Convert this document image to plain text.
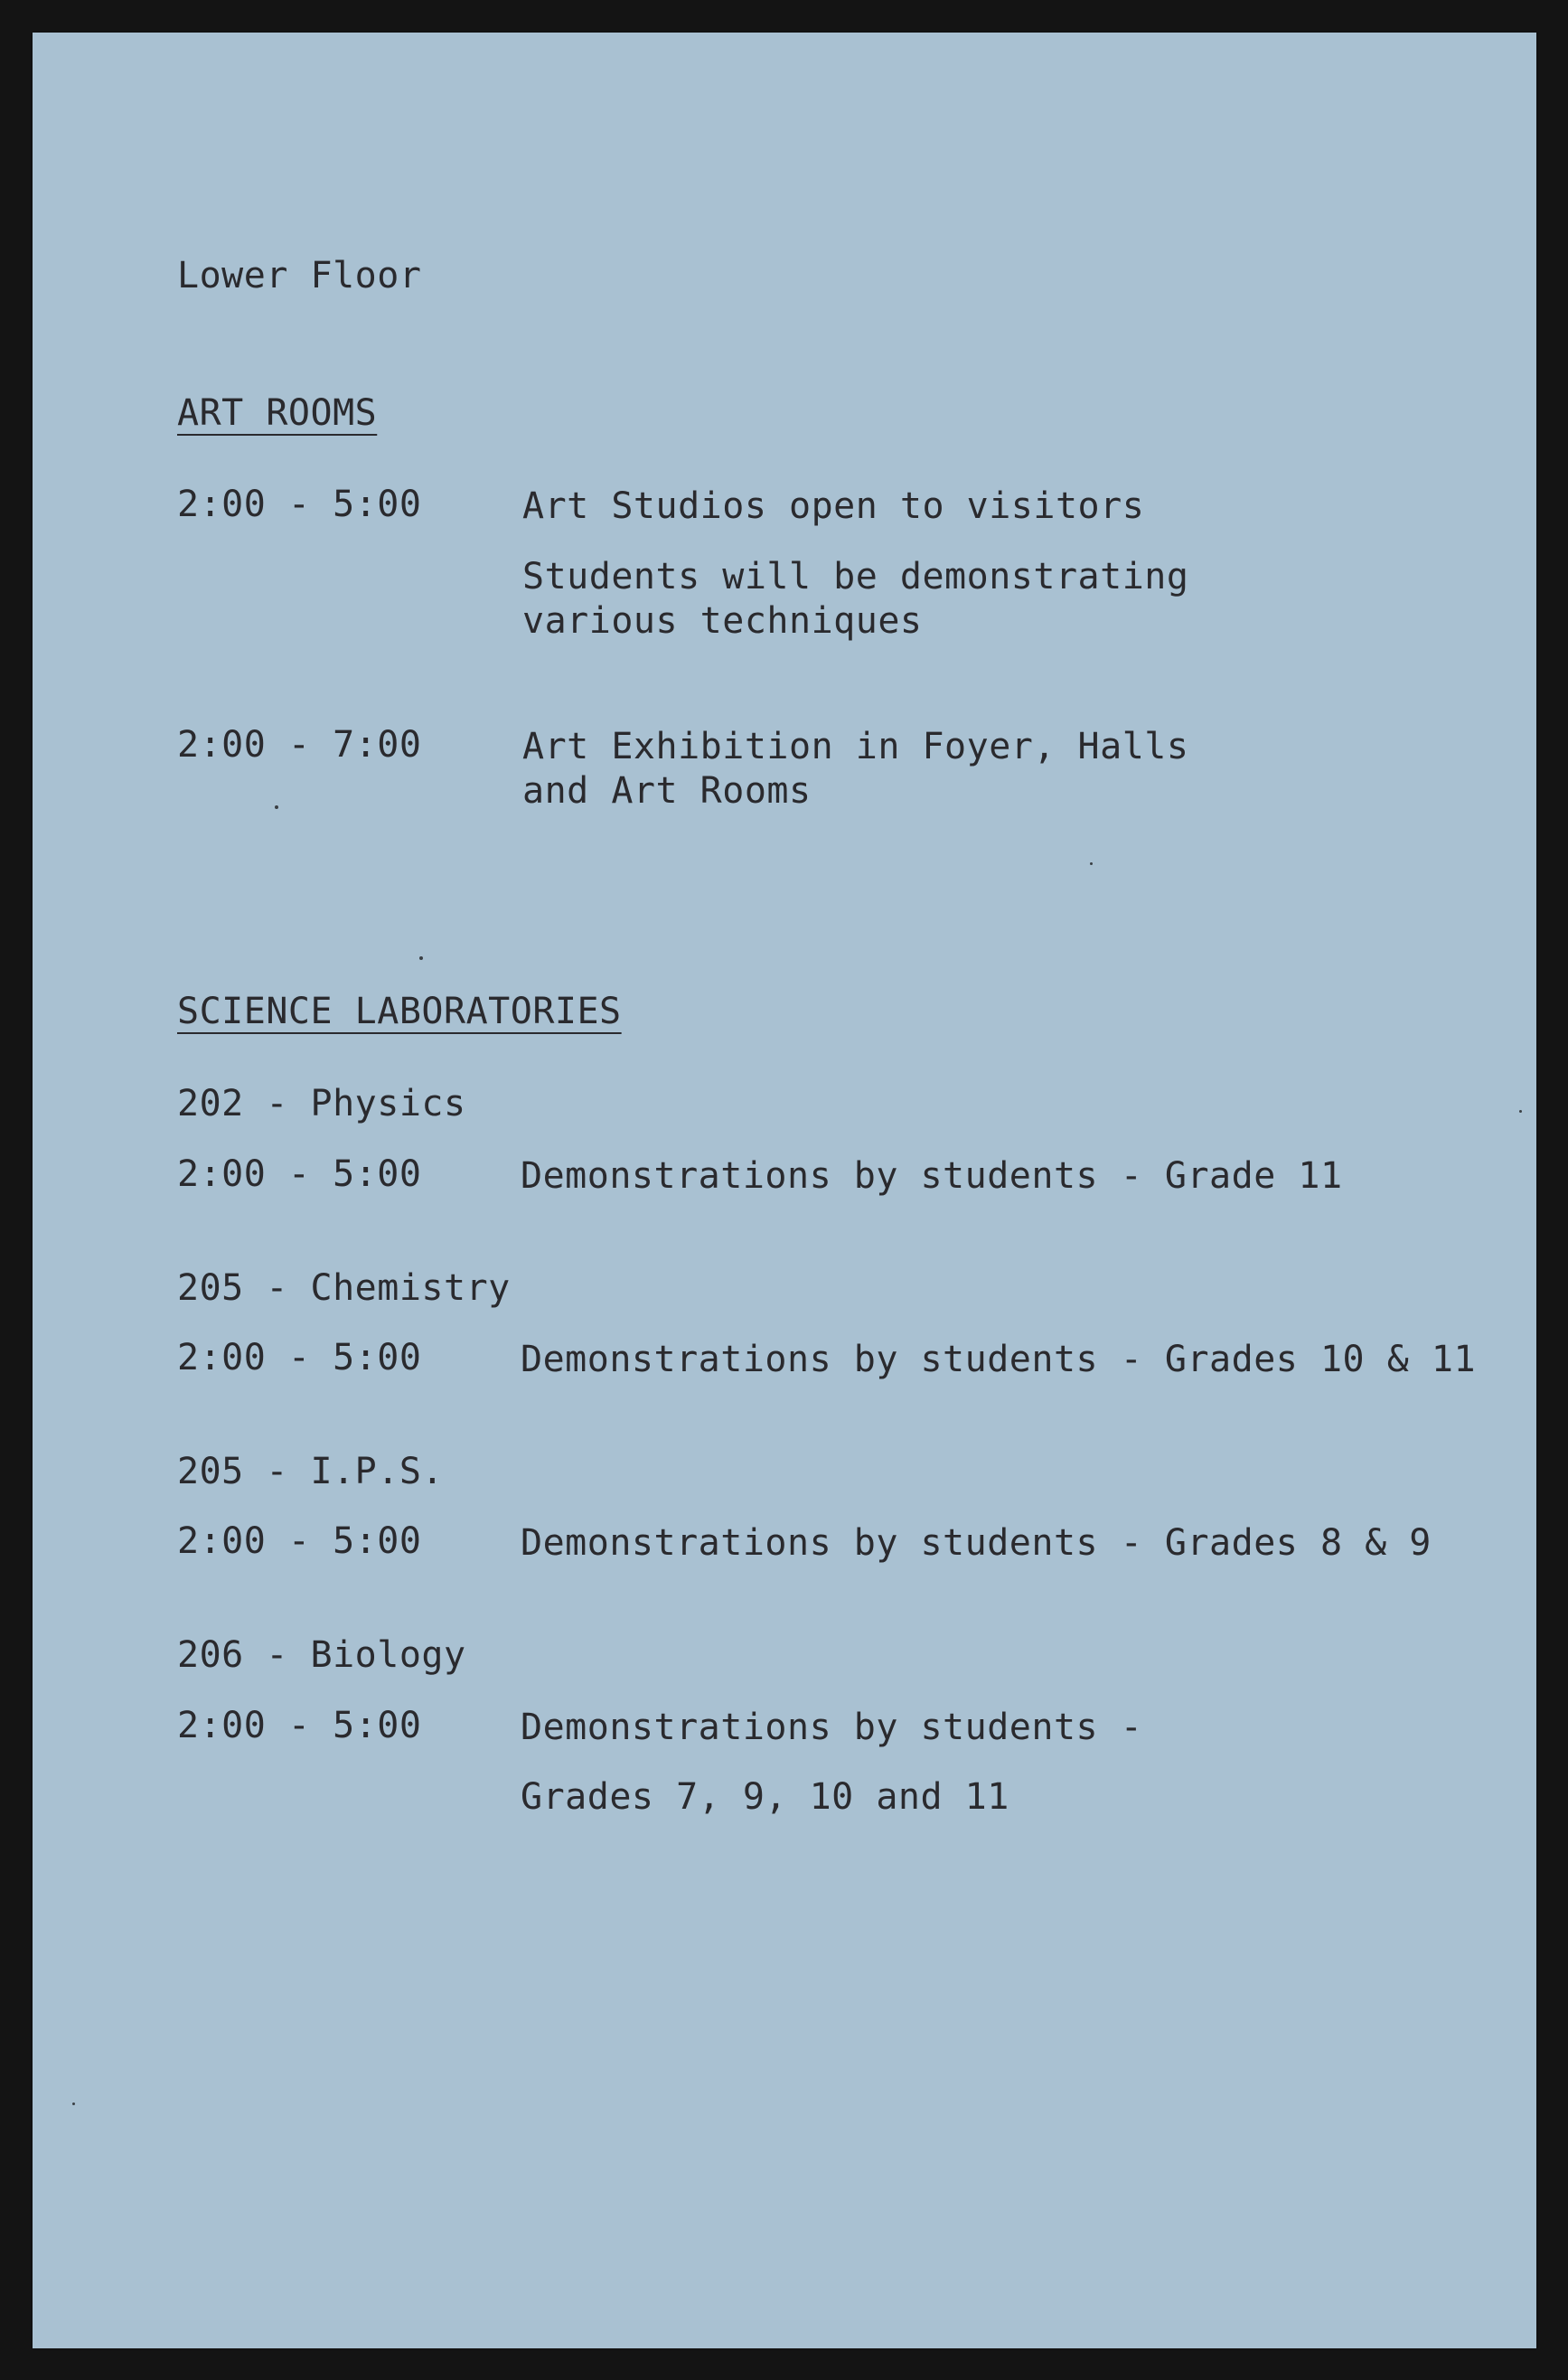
Lower Floor
ART ROOMS
2:00 - 5:00	Art Studios open to visitors
Students will be demonstrating
various techniques
2:00 - 7:00	Art Exhibition in Foyer, Halls
and Art Rooms
SCIENCE LABORATORIES
202 - Physics
2:00 - 5:00	Demonstrations by students - Grade 11
205 - Chemistry
2:00 - 5:00	Demonstrations by students - Grades 10 & 11
205 - I.P.S.
2:00 - 5:00	Demonstrations by students - Grades 8 & 9
206 - Biology
2:00 - 5:00	Demonstrations by students -
Grades 7, 9, 10 and 11
